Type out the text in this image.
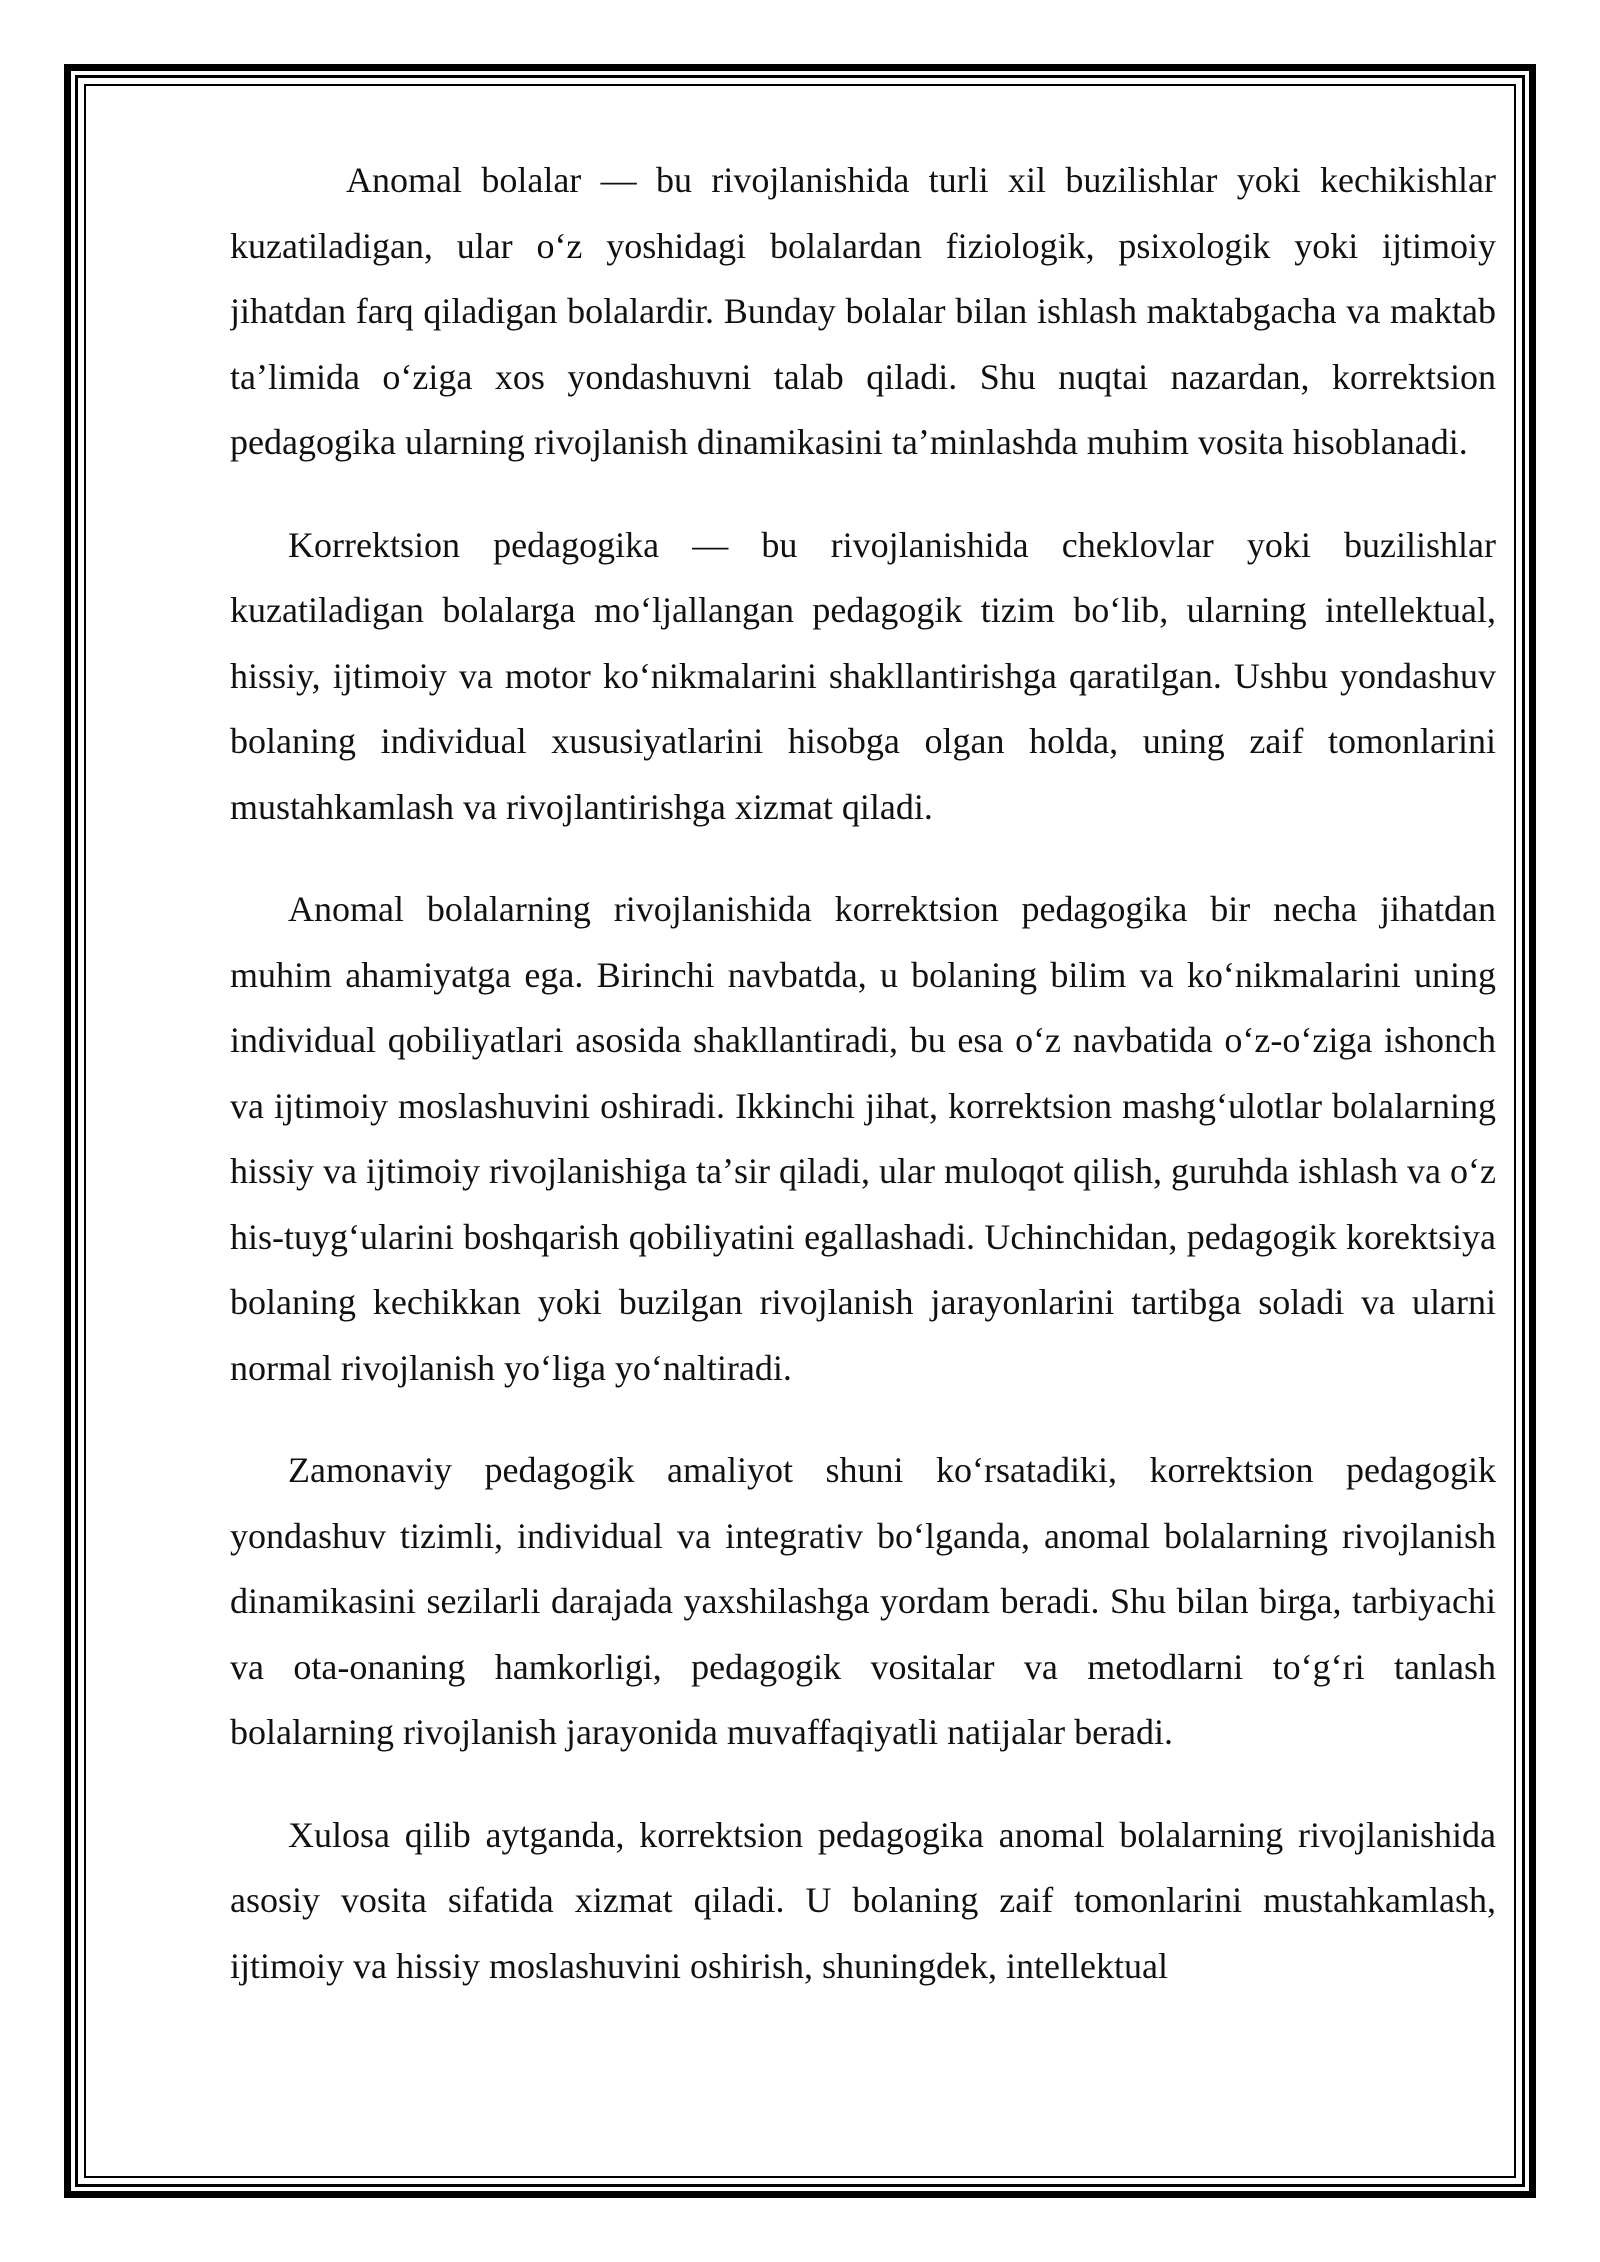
Anomal bolalar — bu rivojlanishida turli xil buzilishlar yoki kechikishlar kuzatiladigan, ular oʻz yoshidagi bolalardan fiziologik, psixologik yoki ijtimoiy jihatdan farq qiladigan bolalardir. Bunday bolalar bilan ishlash maktabgacha va maktab taʼlimida oʻziga xos yondashuvni talab qiladi. Shu nuqtai nazardan, korrektsion pedagogika ularning rivojlanish dinamikasini taʼminlashda muhim vosita hisoblanadi.

Korrektsion pedagogika — bu rivojlanishida cheklovlar yoki buzilishlar kuzatiladigan bolalarga moʻljallangan pedagogik tizim boʻlib, ularning intellektual, hissiy, ijtimoiy va motor koʻnikmalarini shakllantirishga qaratilgan. Ushbu yondashuv bolaning individual xususiyatlarini hisobga olgan holda, uning zaif tomonlarini mustahkamlash va rivojlantirishga xizmat qiladi.

Anomal bolalarning rivojlanishida korrektsion pedagogika bir necha jihatdan muhim ahamiyatga ega. Birinchi navbatda, u bolaning bilim va koʻnikmalarini uning individual qobiliyatlari asosida shakllantiradi, bu esa oʻz navbatida oʻz-oʻziga ishonch va ijtimoiy moslashuvini oshiradi. Ikkinchi jihat, korrektsion mashgʻulotlar bolalarning hissiy va ijtimoiy rivojlanishiga taʼsir qiladi, ular muloqot qilish, guruhda ishlash va oʻz his-tuygʻularini boshqarish qobiliyatini egallashadi. Uchinchidan, pedagogik korektsiya bolaning kechikkan yoki buzilgan rivojlanish jarayonlarini tartibga soladi va ularni normal rivojlanish yoʻliga yoʻnaltiradi.

Zamonaviy pedagogik amaliyot shuni koʻrsatadiki, korrektsion pedagogik yondashuv tizimli, individual va integrativ boʻlganda, anomal bolalarning rivojlanish dinamikasini sezilarli darajada yaxshilashga yordam beradi. Shu bilan birga, tarbiyachi va ota-onaning hamkorligi, pedagogik vositalar va metodlarni toʻgʻri tanlash bolalarning rivojlanish jarayonida muvaffaqiyatli natijalar beradi.

Xulosa qilib aytganda, korrektsion pedagogika anomal bolalarning rivojlanishida asosiy vosita sifatida xizmat qiladi. U bolaning zaif tomonlarini mustahkamlash, ijtimoiy va hissiy moslashuvini oshirish, shuningdek, intellektual
